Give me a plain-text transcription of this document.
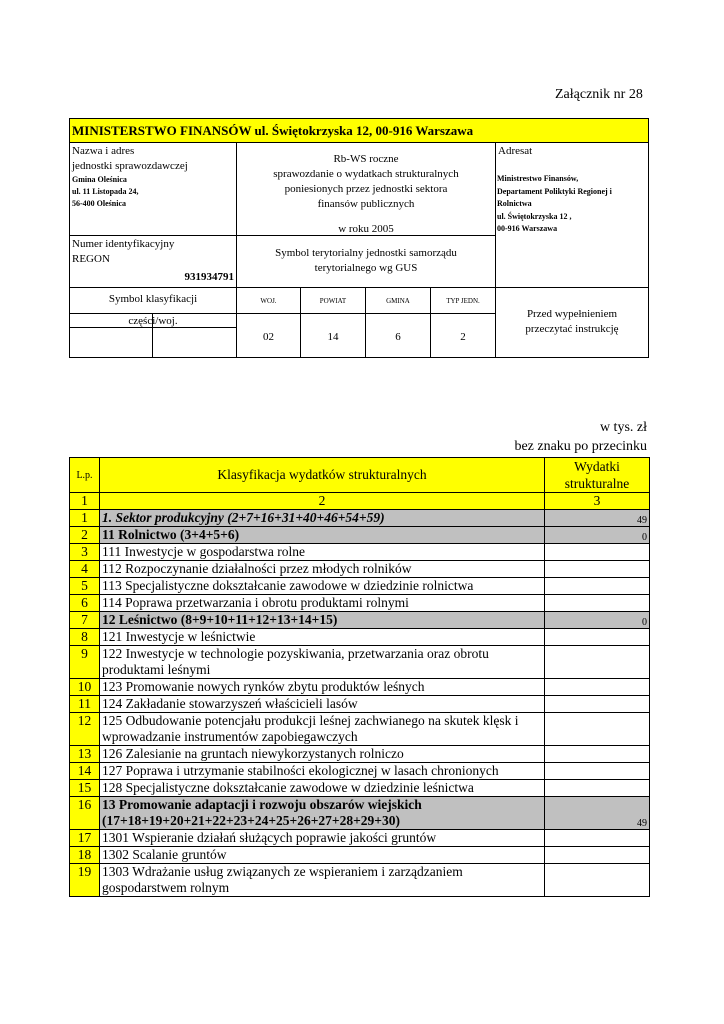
Załącznik nr 28
MINISTERSTWO FINANSÓW ul. Świętokrzyska 12, 00-916 Warszawa
Nazwa i adres
jednostki sprawozdawczej
Gmina Oleśnica
ul. 11 Listopada 24,
56-400 Oleśnica
Rb-WS roczne
sprawozdanie o wydatkach strukturalnych
poniesionych przez jednostki sektora
finansów publicznych
w roku 2005
Adresat
Ministrestwo Finansów,
Departament Poliktyki Regionej i
Rolnictwa
ul. Świętokrzyska 12 ,
00-916 Warszawa
Numer identyfikacyjny
REGON
931934791
Symbol terytorialny jednostki samorządu
terytorialnego wg GUS
Symbol klasyfikacji
części/woj.
WOJ.	POWIAT	GMINA	TYP JEDN.
02	14	6	2
Przed wypełnieniem
przeczytać instrukcję
w tys. zł
bez znaku po przecinku
L.p.	Klasyfikacja wydatków strukturalnych	Wydatki
strukturalne

1	2	3
1	1. Sektor produkcyjny (2+7+16+31+40+46+54+59)	49
2	11 Rolnictwo (3+4+5+6)	0
3	111 Inwestycje w gospodarstwa rolne	
4	112 Rozpoczynanie działalności przez młodych rolników	
5	113 Specjalistyczne dokształcanie zawodowe w dziedzinie rolnictwa	
6	114 Poprawa przetwarzania i obrotu produktami rolnymi	
7	12 Leśnictwo (8+9+10+11+12+13+14+15)	0
8	121 Inwestycje w leśnictwie	
9	122 Inwestycje w technologie pozyskiwania, przetwarzania oraz obrotu produktami leśnymi	
10	123 Promowanie nowych rynków zbytu produktów leśnych	
11	124 Zakładanie stowarzyszeń właścicieli lasów	
12	125 Odbudowanie potencjału produkcji leśnej zachwianego na skutek klęsk i wprowadzanie instrumentów zapobiegawczych	
13	126 Zalesianie na gruntach niewykorzystanych rolniczo	
14	127 Poprawa i utrzymanie stabilności ekologicznej w lasach chronionych	
15	128 Specjalistyczne dokształcanie zawodowe w dziedzinie leśnictwa	
16	13 Promowanie adaptacji i rozwoju obszarów wiejskich (17+18+19+20+21+22+23+24+25+26+27+28+29+30)	49
17	1301 Wspieranie działań służących poprawie jakości gruntów	
18	1302 Scalanie gruntów	
19	1303 Wdrażanie usług związanych ze wspieraniem i zarządzaniem gospodarstwem rolnym	
